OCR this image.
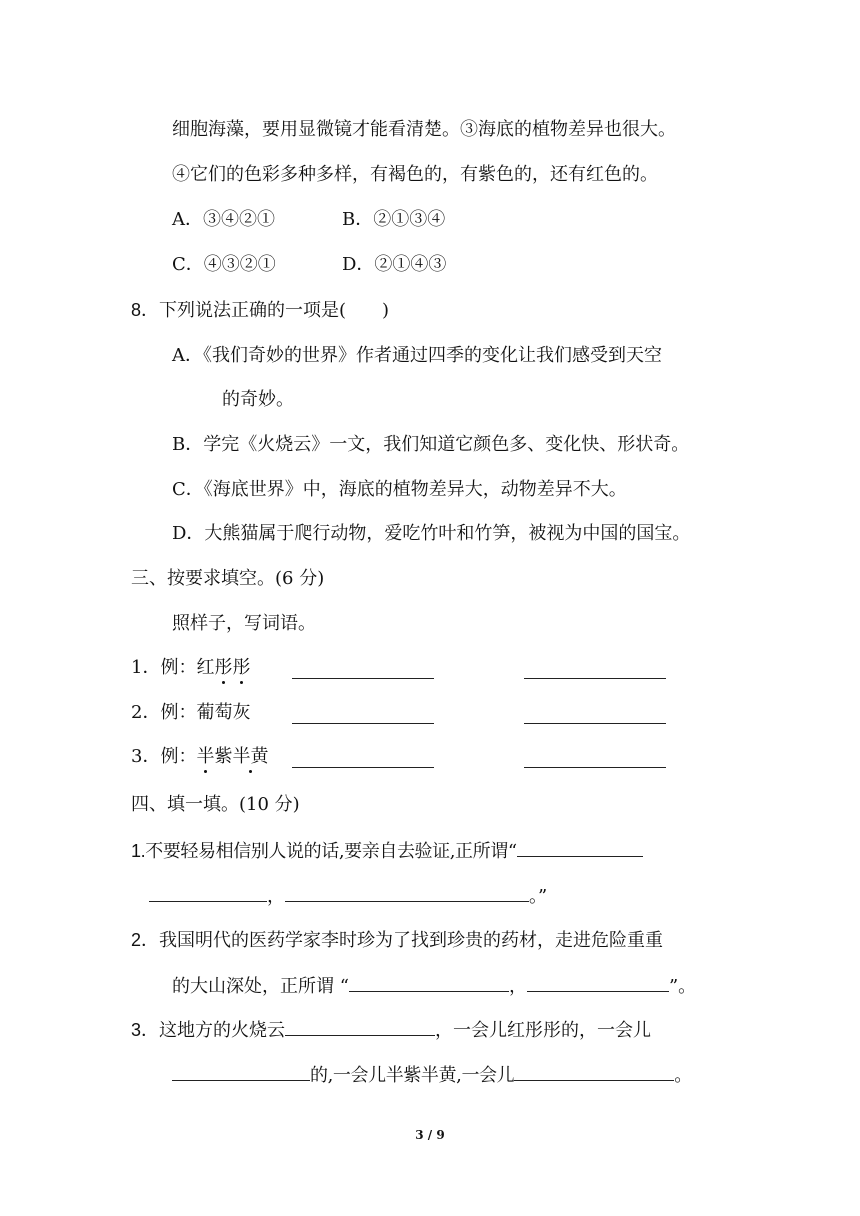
细胞海藻，要用显微镜才能看清楚。③海底的植物差异也很大。
④它们的色彩多种多样，有褐色的，有紫色的，还有红色的。
A．③④②①	B．②①③④
C．④③②①	D．②①④③
8．下列说法正确的一项是(　　)
A．《我们奇妙的世界》作者通过四季的变化让我们感受到天空
的奇妙。
B．学完《火烧云》一文，我们知道它颜色多、变化快、形状奇。
C．《海底世界》中，海底的植物差异大，动物差异不大。
D．大熊猫属于爬行动物，爱吃竹叶和竹笋，被视为中国的国宝。
三、按要求填空。(6 分)
照样子，写词语。
1．例：红彤彤
2．例：葡萄灰
3．例：半紫半黄
四、填一填。(10 分)
1.不要轻易相信别人说的话,要亲自去验证,正所谓“
，	。”
2．我国明代的医药学家李时珍为了找到珍贵的药材，走进危险重重
的大山深处，正所谓 “	，	”。
3．这地方的火烧云	，一会儿红彤彤的，一会儿
的,一会儿半紫半黄,一会儿	。
3 / 9
